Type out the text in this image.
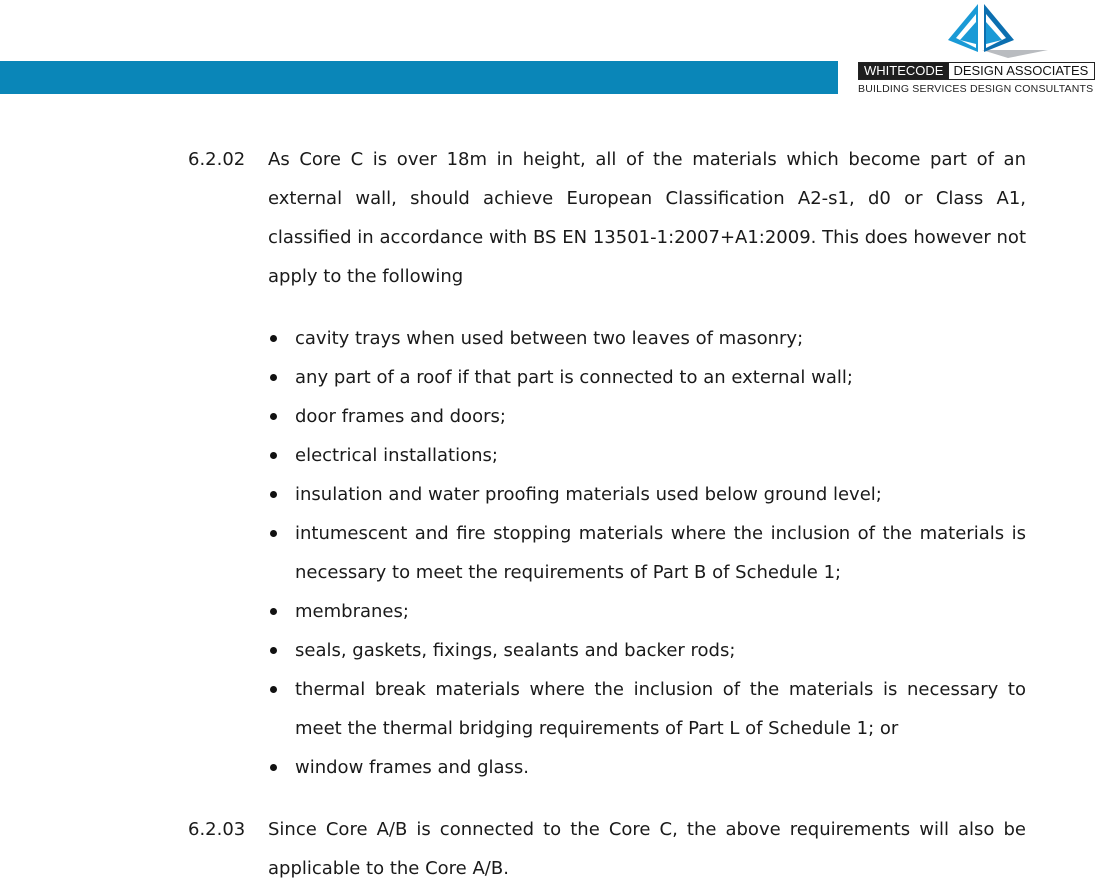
WHITECODE DESIGN ASSOCIATES
BUILDING SERVICES DESIGN CONSULTANTS
6.2.02	As Core C is over 18m in height, all of the materials which become part of an external wall, should achieve European Classification A2-s1, d0 or Class A1, classified in accordance with BS EN 13501-1:2007+A1:2009. This does however not apply to the following
cavity trays when used between two leaves of masonry;
any part of a roof if that part is connected to an external wall;
door frames and doors;
electrical installations;
insulation and water proofing materials used below ground level;
intumescent and fire stopping materials where the inclusion of the materials is necessary to meet the requirements of Part B of Schedule 1;
membranes;
seals, gaskets, fixings, sealants and backer rods;
thermal break materials where the inclusion of the materials is necessary to meet the thermal bridging requirements of Part L of Schedule 1; or
window frames and glass.
6.2.03	Since Core A/B is connected to the Core C, the above requirements will also be applicable to the Core A/B.
